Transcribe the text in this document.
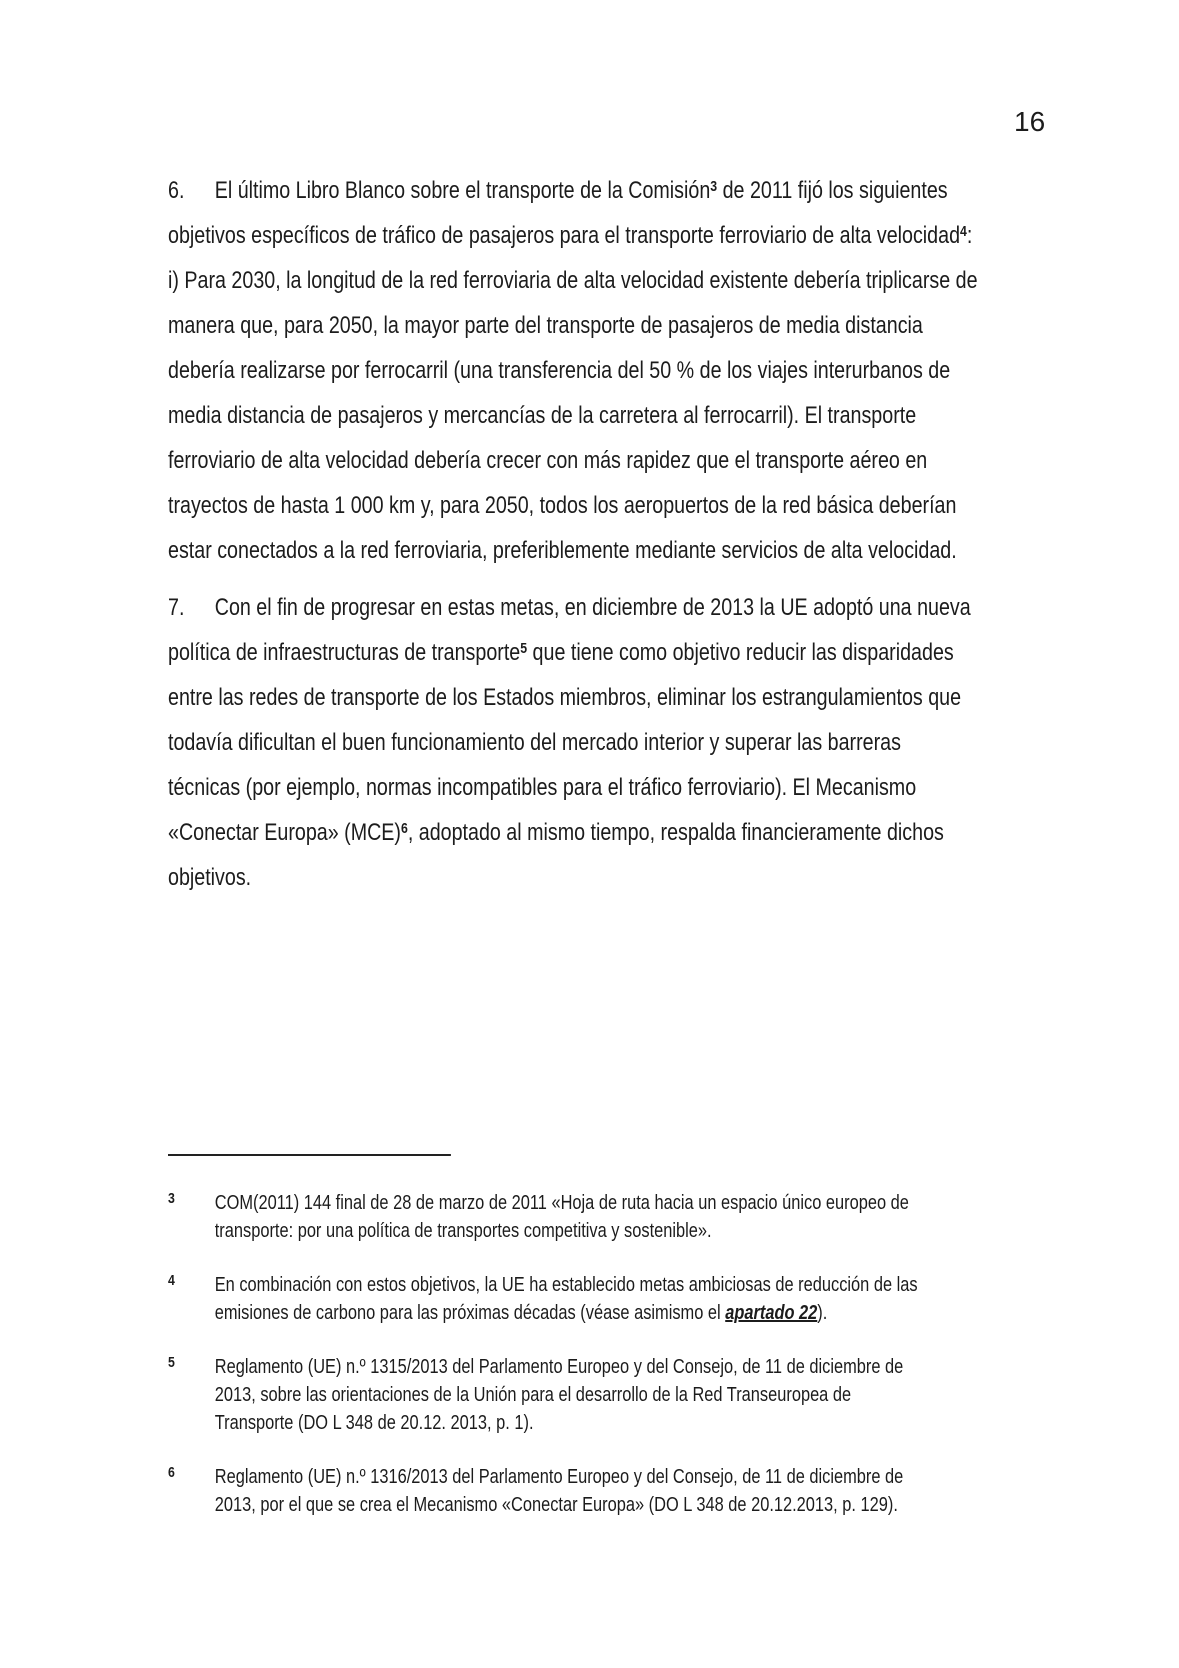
16
6. El último Libro Blanco sobre el transporte de la Comisión$^3$ de 2011 fijó los siguientes
objetivos específicos de tráfico de pasajeros para el transporte ferroviario de alta velocidad$^4$:
i) Para 2030, la longitud de la red ferroviaria de alta velocidad existente debería triplicarse de
manera que, para 2050, la mayor parte del transporte de pasajeros de media distancia
debería realizarse por ferrocarril (una transferencia del 50 % de los viajes interurbanos de
media distancia de pasajeros y mercancías de la carretera al ferrocarril). El transporte
ferroviario de alta velocidad debería crecer con más rapidez que el transporte aéreo en
trayectos de hasta 1 000 km y, para 2050, todos los aeropuertos de la red básica deberían
estar conectados a la red ferroviaria, preferiblemente mediante servicios de alta velocidad.
7. Con el fin de progresar en estas metas, en diciembre de 2013 la UE adoptó una nueva
política de infraestructuras de transporte$^5$ que tiene como objetivo reducir las disparidades
entre las redes de transporte de los Estados miembros, eliminar los estrangulamientos que
todavía dificultan el buen funcionamiento del mercado interior y superar las barreras
técnicas (por ejemplo, normas incompatibles para el tráfico ferroviario). El Mecanismo
«Conectar Europa» (MCE)$^6$, adoptado al mismo tiempo, respalda financieramente dichos
objetivos.
3	COM(2011) 144 final de 28 de marzo de 2011 «Hoja de ruta hacia un espacio único europeo de
transporte: por una política de transportes competitiva y sostenible».
4	En combinación con estos objetivos, la UE ha establecido metas ambiciosas de reducción de las
emisiones de carbono para las próximas décadas (véase asimismo el apartado 22).
5	Reglamento (UE) n.º 1315/2013 del Parlamento Europeo y del Consejo, de 11 de diciembre de
2013, sobre las orientaciones de la Unión para el desarrollo de la Red Transeuropea de
Transporte (DO L 348 de 20.12. 2013, p. 1).
6	Reglamento (UE) n.º 1316/2013 del Parlamento Europeo y del Consejo, de 11 de diciembre de
2013, por el que se crea el Mecanismo «Conectar Europa» (DO L 348 de 20.12.2013, p. 129).
